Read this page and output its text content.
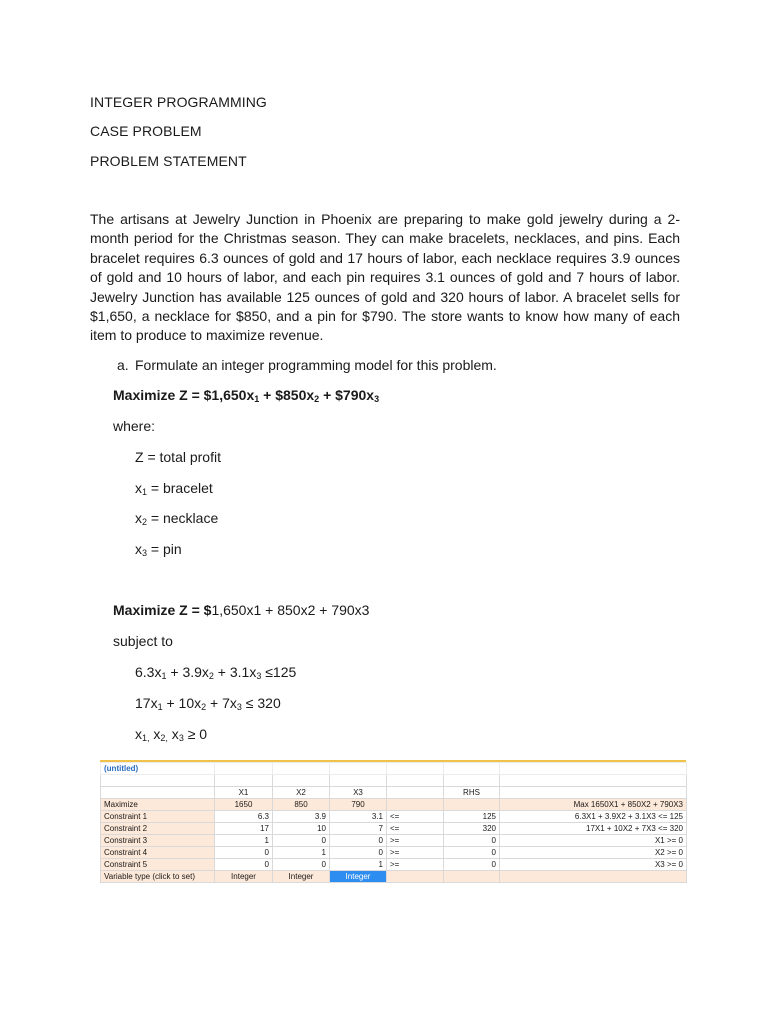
INTEGER PROGRAMMING
CASE PROBLEM
PROBLEM STATEMENT
The artisans at Jewelry Junction in Phoenix are preparing to make gold jewelry during a 2-month period for the Christmas season. They can make bracelets, necklaces, and pins. Each bracelet requires 6.3 ounces of gold and 17 hours of labor, each necklace requires 3.9 ounces of gold and 10 hours of labor, and each pin requires 3.1 ounces of gold and 7 hours of labor. Jewelry Junction has available 125 ounces of gold and 320 hours of labor. A bracelet sells for $1,650, a necklace for $850, and a pin for $790. The store wants to know how many of each item to produce to maximize revenue.
a. Formulate an integer programming model for this problem.
Maximize $Z = \$1,650x_1$ + $\$850x_2$ + $\$790x_3$
where:
Z = total profit
$x_1$ = bracelet
$x_2$ = necklace
$x_3$ = pin
Maximize Z = $1,650x1 + 850x2 + 790x3
subject to
$6.3x_1 + 3.9x_2 + 3.1x_3 \le 125$
$17x_1 + 10x_2 + 7x_3 \le 320$
$x_{1,}$ $x_{2,}$ $x_3 \ge 0$
(untitled)						

	X1	X2	X3		RHS	
Maximize	1650	850	790			Max 1650X1 + 850X2 + 790X3
Constraint 1	6.3	3.9	3.1	<=	125	6.3X1 + 3.9X2 + 3.1X3 <= 125
Constraint 2	17	10	7	<=	320	17X1 + 10X2 + 7X3 <= 320
Constraint 3	1	0	0	>=	0	X1 >= 0
Constraint 4	0	1	0	>=	0	X2 >= 0
Constraint 5	0	0	1	>=	0	X3 >= 0
Variable type (click to set)	Integer	Integer	Integer			
